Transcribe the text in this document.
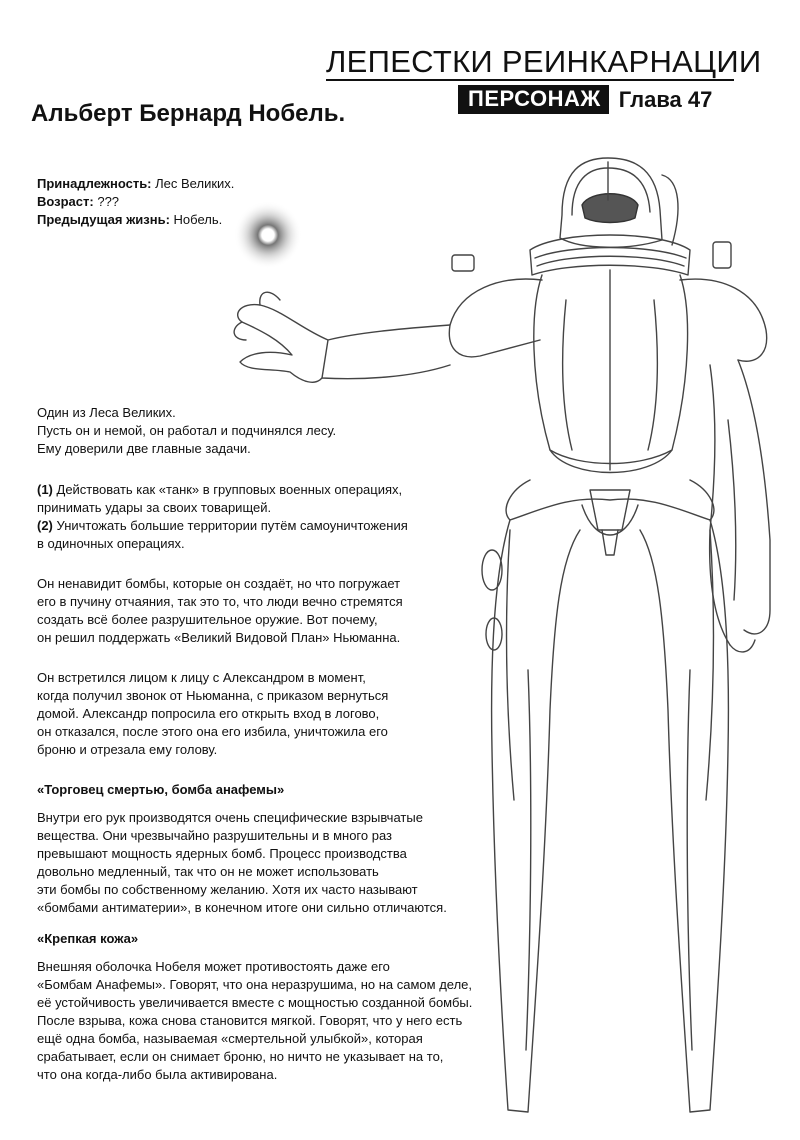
ЛЕПЕСТКИ РЕИНКАРНАЦИИ
ПЕРСОНАЖ Глава 47
Альберт Бернард Нобель.
Принадлежность: Лес Великих.
Возраст: ???
Предыдущая жизнь: Нобель.
Один из Леса Великих.
Пусть он и немой, он работал и подчинялся лесу.
Ему доверили две главные задачи.
(1) Действовать как «танк» в групповых военных операциях,
принимать удары за своих товарищей.
(2) Уничтожать большие территории путём самоуничтожения
в одиночных операциях.
Он ненавидит бомбы, которые он создаёт, но что погружает
его в пучину отчаяния, так это то, что люди вечно стремятся
создать всё более разрушительное оружие. Вот почему,
он решил поддержать «Великий Видовой План» Ньюманна.
Он встретился лицом к лицу с Александром в момент,
когда получил звонок от Ньюманна, с приказом вернуться
домой. Александр попросила его открыть вход в логово,
он отказался, после этого она его избила, уничтожила его
броню и отрезала ему голову.
«Торговец смертью, бомба анафемы»
Внутри его рук производятся очень специфические взрывчатые
вещества. Они чрезвычайно разрушительны и в много раз
превышают мощность ядерных бомб. Процесс производства
довольно медленный, так что он не может использовать
эти бомбы по собственному желанию. Хотя их часто называют
«бомбами антиматерии», в конечном итоге они сильно отличаются.
«Крепкая кожа»
Внешняя оболочка Нобеля может противостоять даже его
«Бомбам Анафемы». Говорят, что она неразрушима, но на самом деле,
её устойчивость увеличивается вместе с мощностью созданной бомбы.
После взрыва, кожа снова становится мягкой. Говорят, что у него есть
ещё одна бомба, называемая «смертельной улыбкой», которая
срабатывает, если он снимает броню, но ничто не указывает на то,
что она когда-либо была активирована.
